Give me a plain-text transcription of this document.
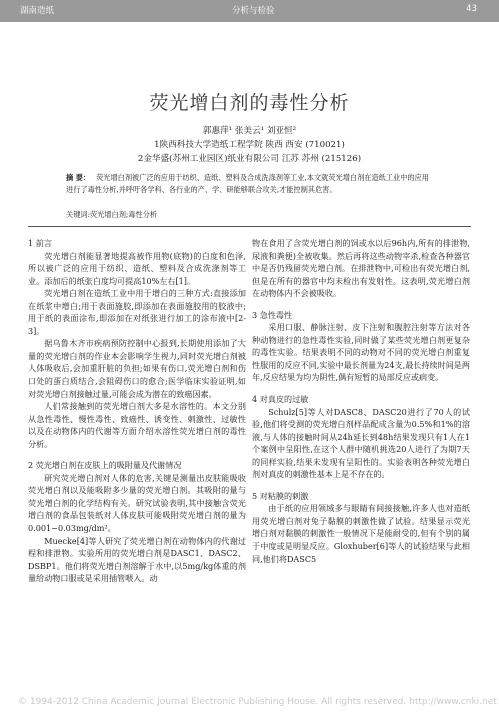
湖南造纸	分析与检验	43
荧光增白剂的毒性分析
郭惠萍¹ 张美云¹ 刘亚恒²
1陕西科技大学造纸工程学院 陕西 西安 (710021)
2金华盛(苏州工业园区)纸业有限公司 江苏 苏州 (215126)
摘 要： 荧光增白剂被广泛的应用于纺织、造纸、塑料及合成洗涤剂等工业,本文就荧光增白剂在造纸工业中的应用进行了毒性分析,并呼吁各学科、各行业的产、学、研能够联合攻关,才能控制其危害。
关键词:荧光增白剂;毒性分析
1 前言

荧光增白剂能显著地提高被作用物(底物)的白度和色泽,所以被广泛的应用于纺织、造纸、塑料及合成洗涤剂等工业。添加后的纸张白度均可提高10%左右[1]。

荧光增白剂在造纸工业中用于增白的三种方式:直接添加在纸浆中增白;用于表面施胶,即添加在表面施胶用的胶液中;用于纸的表面涂布,即添加在对纸张进行加工的涂布液中[2-3]。

据乌鲁木齐市疾病预防控制中心报到,长期使用添加了大量的荧光增白剂的作业本会影响学生视力,同时荧光增白剂被人体吸收后,会加重肝脏的负担;如果有伤口,荧光增白剂和伤口处的蛋白质结合,会阻碍伤口的愈合;医学临床实验证明,如对荧光增白剂接触过量,可能会成为潜在的致癌因素。

人们常接触到的荧光增白剂大多是水溶性的。本文分别从急性毒性、慢性毒性、致癌性、诱变性、刺激性、过敏性以及在动物体内的代谢等方面介绍水溶性荧光增白剂的毒性分析。

2 荧光增白剂在皮肤上的吸附量及代谢情况

研究荧光增白剂对人体的危害,关键是测量出皮肤能吸收荧光增白剂以及能吸附多少量的荧光增白剂。其吸附的量与荧光增白剂的化学结构有关。研究试验表明,其中接触含荧光增白剂的食品包装纸对人体皮肤可能吸附荧光增白剂的量为0.001~0.03mg/dm²。

Muecke[4]等人研究了荧光增白剂在动物体内的代谢过程和排泄物。实验所用的荧光增白剂是DASC1、DASC2、DSBP1。他们将荧光增白剂溶解于水中,以5mg/kg体重的剂量给动物口服或是采用插管喂入。动

物在食用了含荧光增白剂的饲或水以后96h内,所有的排泄物,尿液和粪便)全被收集。然后再将这些动物宰杀,检查各种器官中是否仍残留荧光增白剂。在排泄物中,可检出有荧光增白剂,但是在所有的器官中均未检出有发射性。这表明,荧光增白剂在动物体内不会被吸收。

3 急性毒性

采用口服、静脉注射、皮下注射和腹腔注射等方法对各种动物进行的急性毒性实验,同时做了某些荧光增白剂更复杂的毒性实验。结果表明不同的动物对不同的荧光增白剂重复性服用的反应不同,实验中最长剂量为24支,最长持续时间是两年,反应结果为均为阴性,偶有短暂的局部反应或病变。

4 对真皮的过敏

Schulz[5]等人对DASC8、DASC20进行了70人的试验,他们将受测的荧光增白剂样品配成含量为0.5%和1%的溶液,与人体的接触时间从24h延长到48h结果发现只有1人在1个案例中呈阳性,在这个人群中随机挑选20人进行了为期7天的同样实验,结果未发现有呈阳性的。实验表明各种荧光增白剂对真皮的刺激性基本上是不存在的。

5 对粘膜的刺激

由于纸的应用领域多与眼睛有间接接触,许多人也对造纸用荧光增白剂对兔子黏膜的刺激性做了试验。结果显示荧光增白剂对黏膜的刺激性一般情况下是能耐受的,但有个别的属于中度或是明显反应。Gloxhuber[6]等人的试验结果与此相同,他们将DASC5

© 1994-2012 China Academic Journal Electronic Publishing House. All rights reserved. http://www.cnki.net
